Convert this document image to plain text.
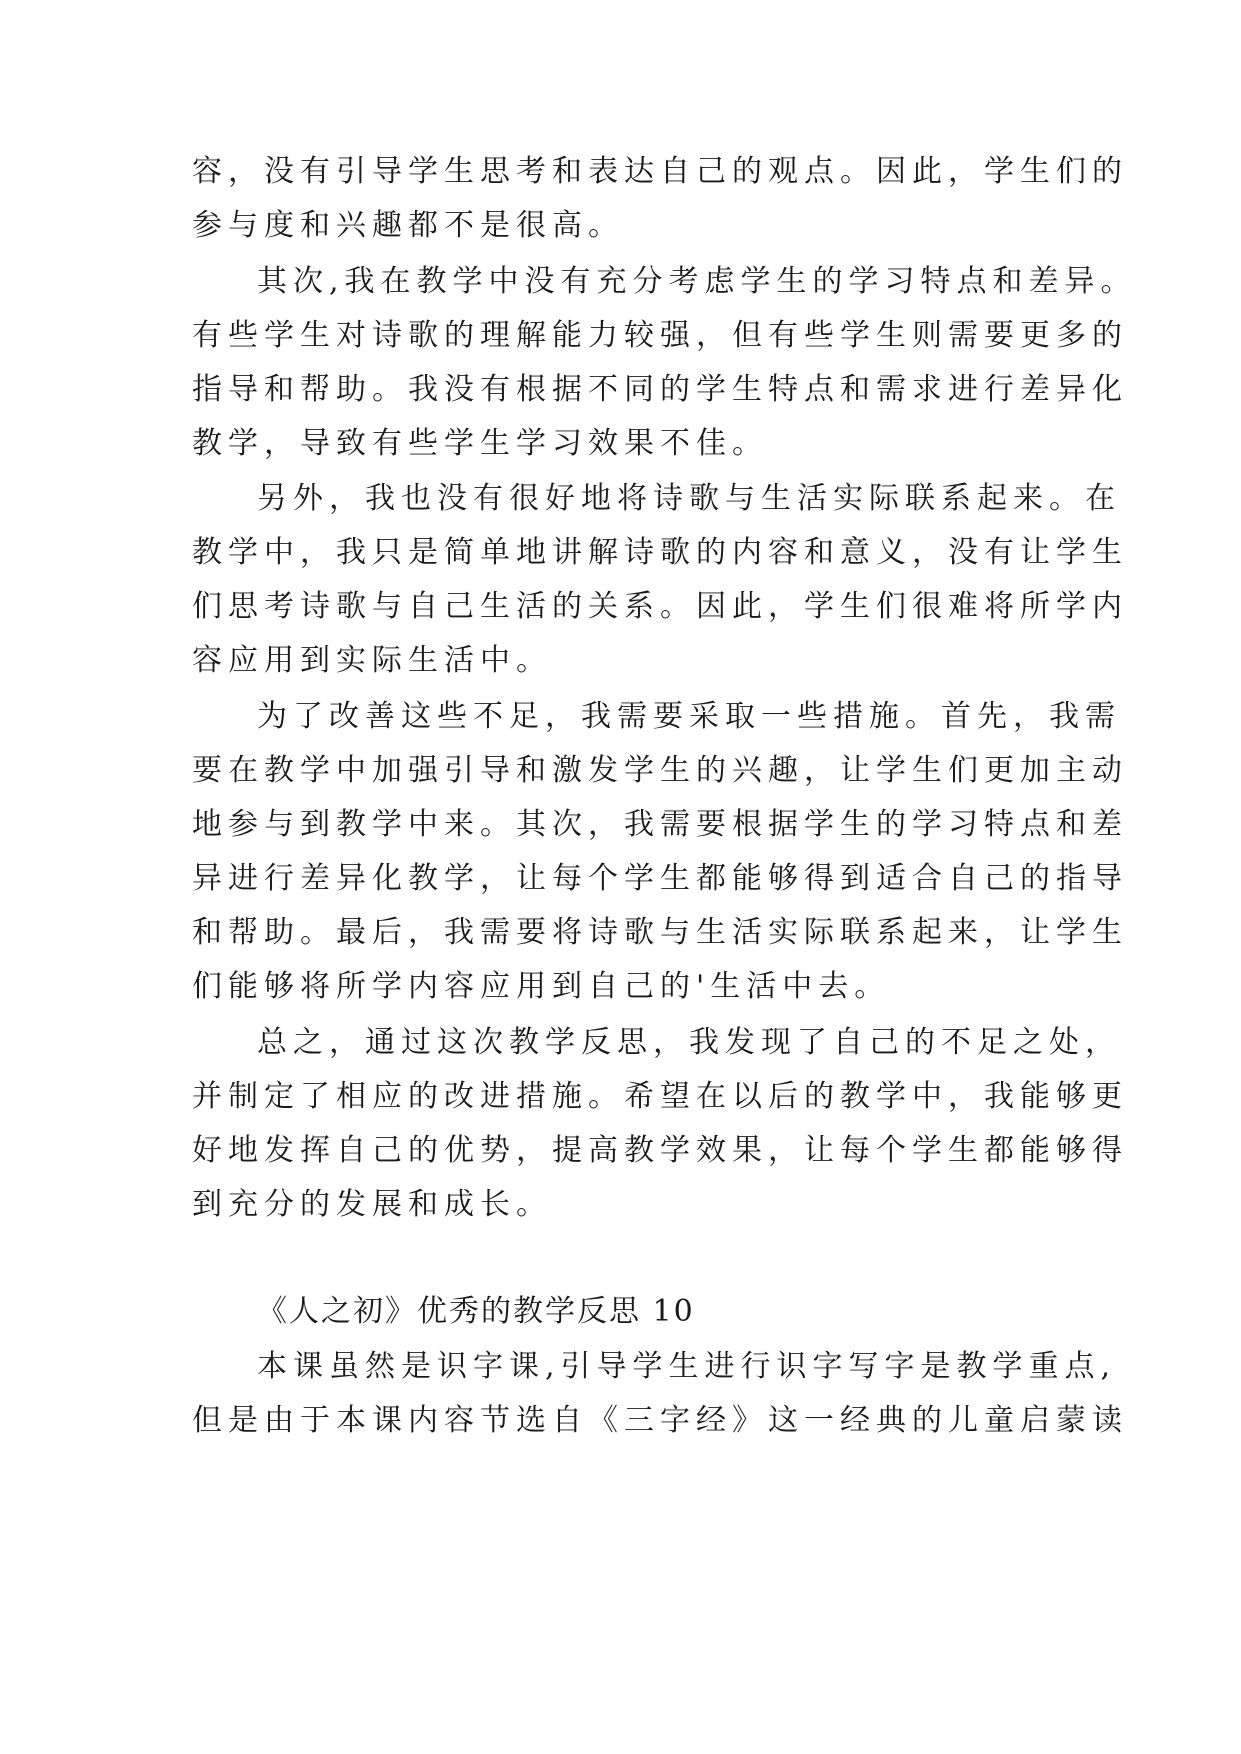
容，没有引导学生思考和表达自己的观点。因此，学生们的

参与度和兴趣都不是很高。

其次,我在教学中没有充分考虑学生的学习特点和差异。

有些学生对诗歌的理解能力较强，但有些学生则需要更多的

指导和帮助。我没有根据不同的学生特点和需求进行差异化

教学，导致有些学生学习效果不佳。

另外，我也没有很好地将诗歌与生活实际联系起来。在

教学中，我只是简单地讲解诗歌的内容和意义，没有让学生

们思考诗歌与自己生活的关系。因此，学生们很难将所学内

容应用到实际生活中。

为了改善这些不足，我需要采取一些措施。首先，我需

要在教学中加强引导和激发学生的兴趣，让学生们更加主动

地参与到教学中来。其次，我需要根据学生的学习特点和差

异进行差异化教学，让每个学生都能够得到适合自己的指导

和帮助。最后，我需要将诗歌与生活实际联系起来，让学生

们能够将所学内容应用到自己的'生活中去。

总之，通过这次教学反思，我发现了自己的不足之处，

并制定了相应的改进措施。希望在以后的教学中，我能够更

好地发挥自己的优势，提高教学效果，让每个学生都能够得

到充分的发展和成长。

《人之初》优秀的教学反思 10

本课虽然是识字课,引导学生进行识字写字是教学重点,

但是由于本课内容节选自《三字经》这一经典的儿童启蒙读
